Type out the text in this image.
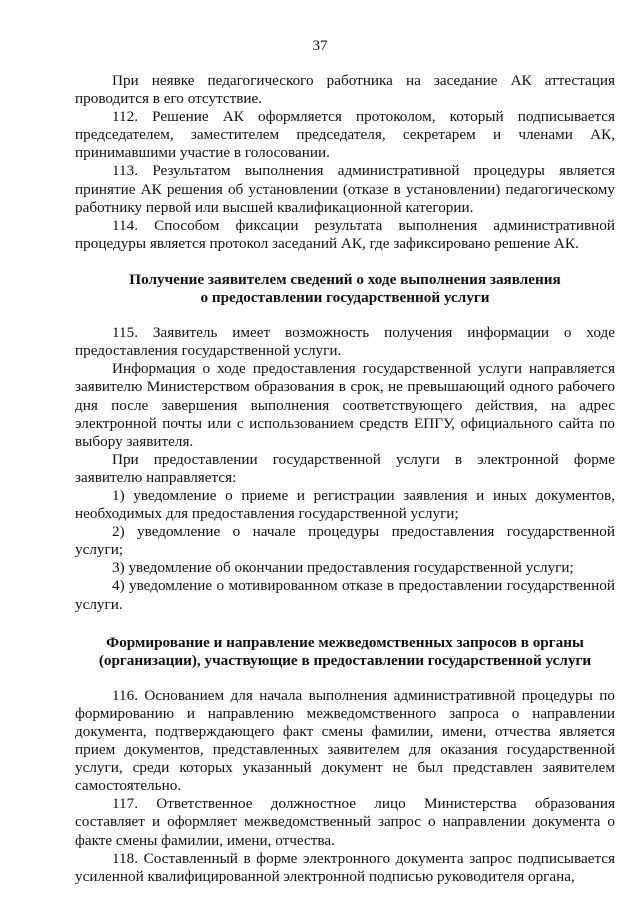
37

При неявке педагогического работника на заседание АК аттестация проводится в его отсутствие.

112. Решение АК оформляется протоколом, который подписывается председателем, заместителем председателя, секретарем и членами АК, принимавшими участие в голосовании.

113. Результатом выполнения административной процедуры является принятие АК решения об установлении (отказе в установлении) педагогическому работнику первой или высшей квалификационной категории.

114. Способом фиксации результата выполнения административной процедуры является протокол заседаний АК, где зафиксировано решение АК.

Получение заявителем сведений о ходе выполнения заявления
о предоставлении государственной услуги

115. Заявитель имеет возможность получения информации о ходе предоставления государственной услуги.

Информация о ходе предоставления государственной услуги направляется заявителю Министерством образования в срок, не превышающий одного рабочего дня после завершения выполнения соответствующего действия, на адрес электронной почты или с использованием средств ЕПГУ, официального сайта по выбору заявителя.

При предоставлении государственной услуги в электронной форме заявителю направляется:

1) уведомление о приеме и регистрации заявления и иных документов, необходимых для предоставления государственной услуги;

2) уведомление о начале процедуры предоставления государственной услуги;

3) уведомление об окончании предоставления государственной услуги;

4) уведомление о мотивированном отказе в предоставлении государственной услуги.

Формирование и направление межведомственных запросов в органы
(организации), участвующие в предоставлении государственной услуги

116. Основанием для начала выполнения административной процедуры по формированию и направлению межведомственного запроса о направлении документа, подтверждающего факт смены фамилии, имени, отчества является прием документов, представленных заявителем для оказания государственной услуги, среди которых указанный документ не был представлен заявителем самостоятельно.

117. Ответственное должностное лицо Министерства образования составляет и оформляет межведомственный запрос о направлении документа о факте смены фамилии, имени, отчества.

118. Составленный в форме электронного документа запрос подписывается усиленной квалифицированной электронной подписью руководителя органа,
